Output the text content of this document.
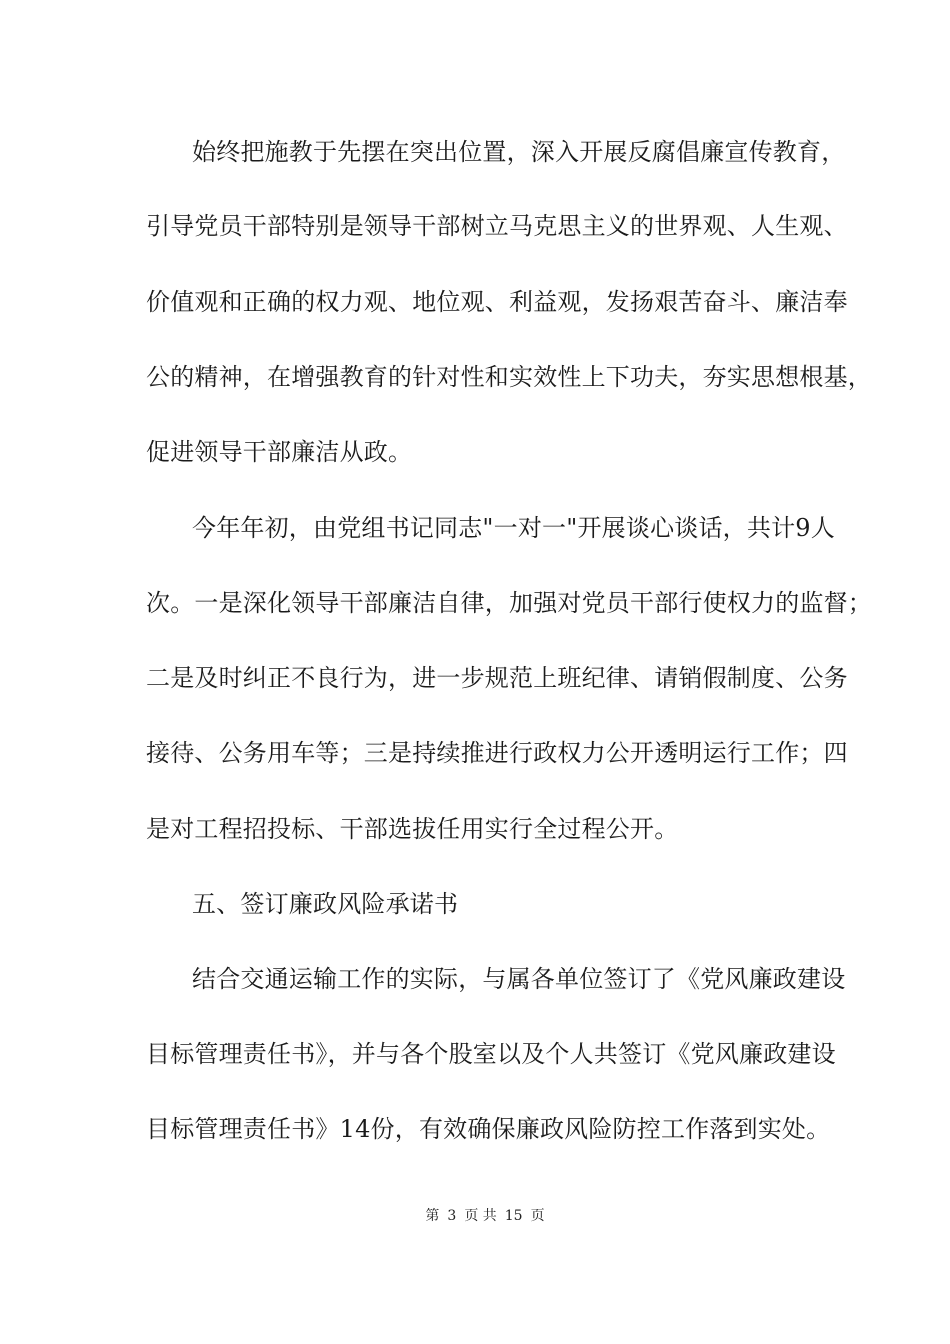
始终把施教于先摆在突出位置，深入开展反腐倡廉宣传教育，
引导党员干部特别是领导干部树立马克思主义的世界观、人生观、
价值观和正确的权力观、地位观、利益观，发扬艰苦奋斗、廉洁奉
公的精神，在增强教育的针对性和实效性上下功夫，夯实思想根基，
促进领导干部廉洁从政。
今年年初，由党组书记同志"一对一"开展谈心谈话，共计9人
次。一是深化领导干部廉洁自律，加强对党员干部行使权力的监督；
二是及时纠正不良行为，进一步规范上班纪律、请销假制度、公务
接待、公务用车等；三是持续推进行政权力公开透明运行工作；四
是对工程招投标、干部选拔任用实行全过程公开。
五、签订廉政风险承诺书
结合交通运输工作的实际，与属各单位签订了《党风廉政建设
目标管理责任书》，并与各个股室以及个人共签订《党风廉政建设
目标管理责任书》14份，有效确保廉政风险防控工作落到实处。
第 3 页 共 15 页
